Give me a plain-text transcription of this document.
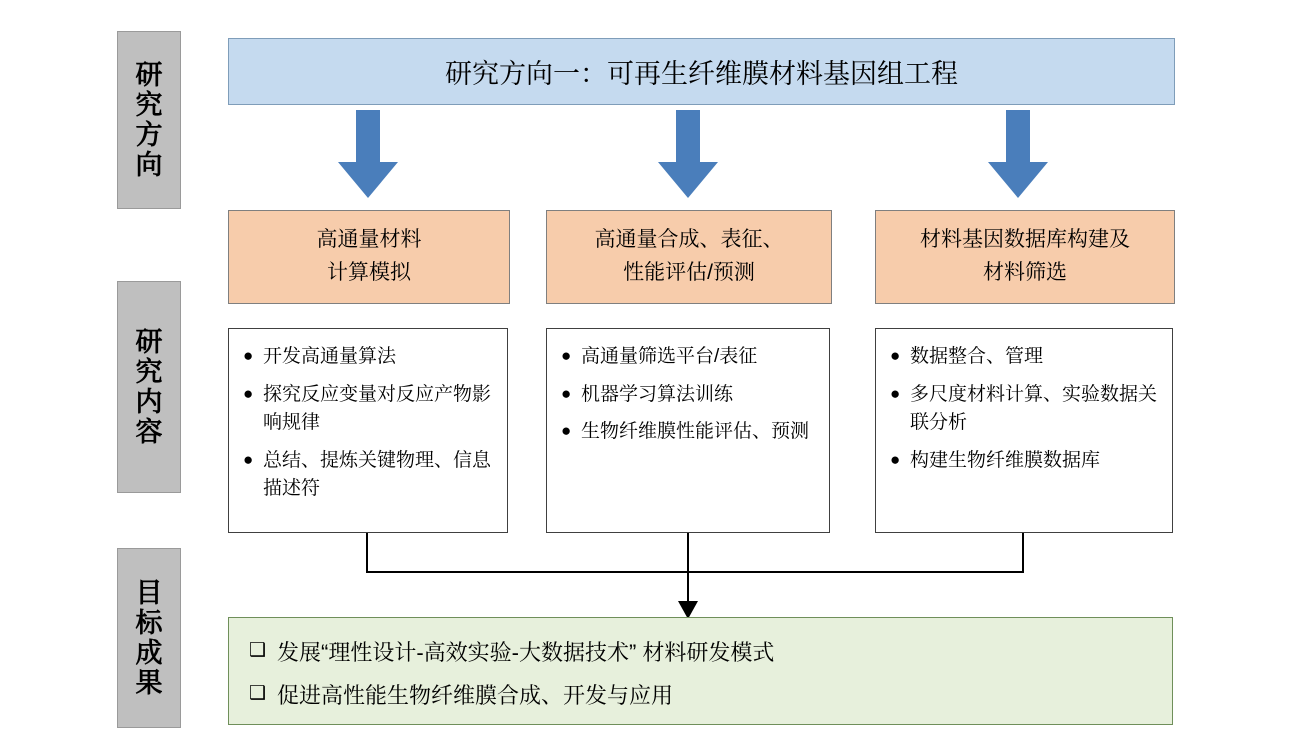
研
究
方
向
研
究
内
容
目
标
成
果
研究方向一：可再生纤维膜材料基因组工程
高通量材料
计算模拟
高通量合成、表征、
性能评估/预测
材料基因数据库构建及
材料筛选
● 开发高通量算法
● 探究反应变量对反应产物影响规律
● 总结、提炼关键物理、信息描述符
● 高通量筛选平台/表征
● 机器学习算法训练
● 生物纤维膜性能评估、预测
● 数据整合、管理
● 多尺度材料计算、实验数据关联分析
● 构建生物纤维膜数据库
❑ 发展“理性设计-高效实验-大数据技术” 材料研发模式
❑ 促进高性能生物纤维膜合成、开发与应用
